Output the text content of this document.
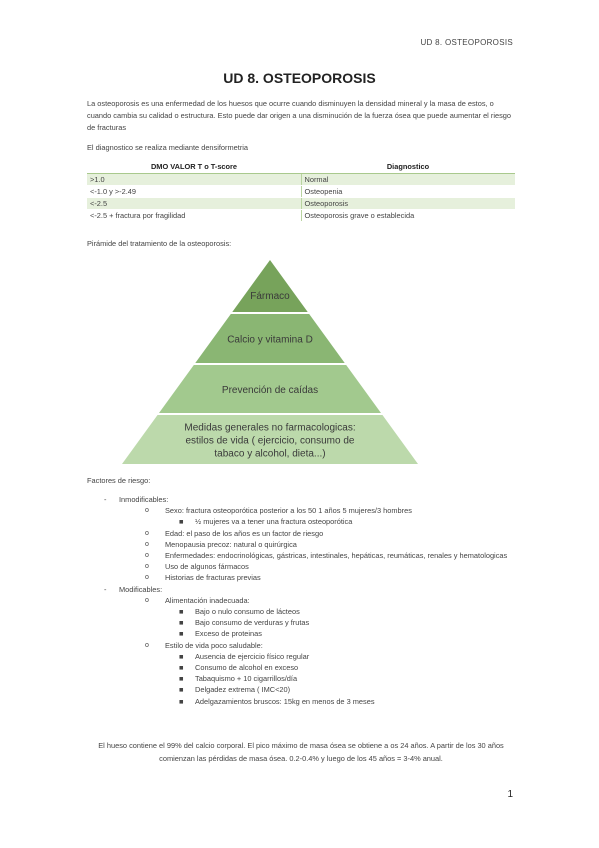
UD 8. OSTEOPOROSIS
UD 8. OSTEOPOROSIS
La osteoporosis es una enfermedad de los huesos que ocurre cuando disminuyen la densidad mineral y la masa de estos, o cuando cambia su calidad o estructura. Esto puede dar origen a una disminución de la fuerza ósea que puede aumentar el riesgo de fracturas
El diagnostico se realiza mediante densiformetria
DMO VALOR T o T-score	Diagnostico
>1.0	Normal
<-1.0 y >-2.49	Osteopenia
<-2.5	Osteoporosis
<-2.5 + fractura por fragilidad	Osteoporosis grave o establecida
Pirámide del tratamiento de la osteoporosis:
Fármaco
Calcio y vitamina D
Prevención de caídas
Medidas generales no farmacologicas:
estilos de vida ( ejercicio, consumo de
tabaco y alcohol, dieta...)
Factores de riesgo:
- Inmodificables:
o Sexo: fractura osteoporótica posterior a los 50 1 años 5 mujeres/3 hombres
■ ½ mujeres va a tener una fractura osteoporótica
o Edad: el paso de los años es un factor de riesgo
o Menopausia precoz: natural o quirúrgica
o Enfermedades: endocrinológicas, gástricas, intestinales, hepáticas, reumáticas, renales y hematologicas
o Uso de algunos fármacos
o Historias de fracturas previas
- Modificables:
o Alimentación inadecuada:
■ Bajo o nulo consumo de lácteos
■ Bajo consumo de verduras y frutas
■ Exceso de proteinas
o Estilo de vida poco saludable:
■ Ausencia de ejercicio físico regular
■ Consumo de alcohol en exceso
■ Tabaquismo + 10 cigarrillos/día
■ Delgadez extrema ( IMC<20)
■ Adelgazamientos bruscos: 15kg en menos de 3 meses
El hueso contiene el 99% del calcio corporal. El pico máximo de masa ósea se obtiene a os 24 años. A partir de los 30 años comienzan las pérdidas de masa ósea. 0.2-0.4% y luego de los 45 años = 3-4% anual.
1
